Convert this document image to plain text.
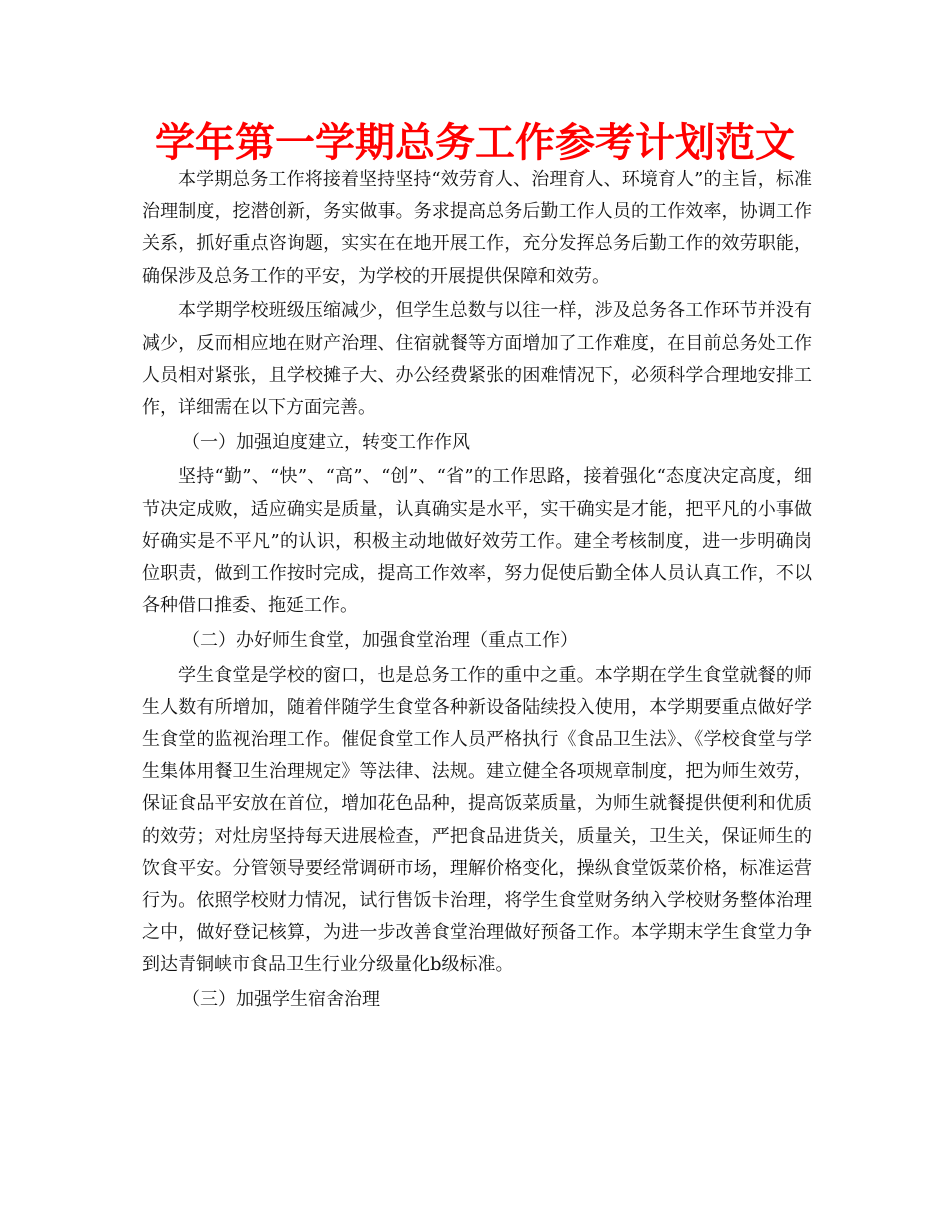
学年第一学期总务工作参考计划范文

本学期总务工作将接着坚持坚持“效劳育人、治理育人、环境育人”的主旨，标准治理制度，挖潜创新，务实做事。务求提高总务后勤工作人员的工作效率，协调工作关系，抓好重点咨询题，实实在在地开展工作，充分发挥总务后勤工作的效劳职能，确保涉及总务工作的平安，为学校的开展提供保障和效劳。

本学期学校班级压缩减少，但学生总数与以往一样，涉及总务各工作环节并没有减少，反而相应地在财产治理、住宿就餐等方面增加了工作难度，在目前总务处工作人员相对紧张，且学校摊子大、办公经费紧张的困难情况下，必须科学合理地安排工作，详细需在以下方面完善。

（一）加强迫度建立，转变工作作风

坚持“勤”、“快”、“高”、“创”、“省”的工作思路，接着强化“态度决定高度，细节决定成败，适应确实是质量，认真确实是水平，实干确实是才能，把平凡的小事做好确实是不平凡”的认识，积极主动地做好效劳工作。建全考核制度，进一步明确岗位职责，做到工作按时完成，提高工作效率，努力促使后勤全体人员认真工作，不以各种借口推委、拖延工作。

（二）办好师生食堂，加强食堂治理（重点工作）

学生食堂是学校的窗口，也是总务工作的重中之重。本学期在学生食堂就餐的师生人数有所增加，随着伴随学生食堂各种新设备陆续投入使用，本学期要重点做好学生食堂的监视治理工作。催促食堂工作人员严格执行《食品卫生法》、《学校食堂与学生集体用餐卫生治理规定》等法律、法规。建立健全各项规章制度，把为师生效劳，保证食品平安放在首位，增加花色品种，提高饭菜质量，为师生就餐提供便利和优质的效劳；对灶房坚持每天进展检查，严把食品进货关，质量关，卫生关，保证师生的饮食平安。分管领导要经常调研市场，理解价格变化，操纵食堂饭菜价格，标准运营行为。依照学校财力情况，试行售饭卡治理，将学生食堂财务纳入学校财务整体治理之中，做好登记核算，为进一步改善食堂治理做好预备工作。本学期末学生食堂力争到达青铜峡市食品卫生行业分级量化b级标准。

（三）加强学生宿舍治理
